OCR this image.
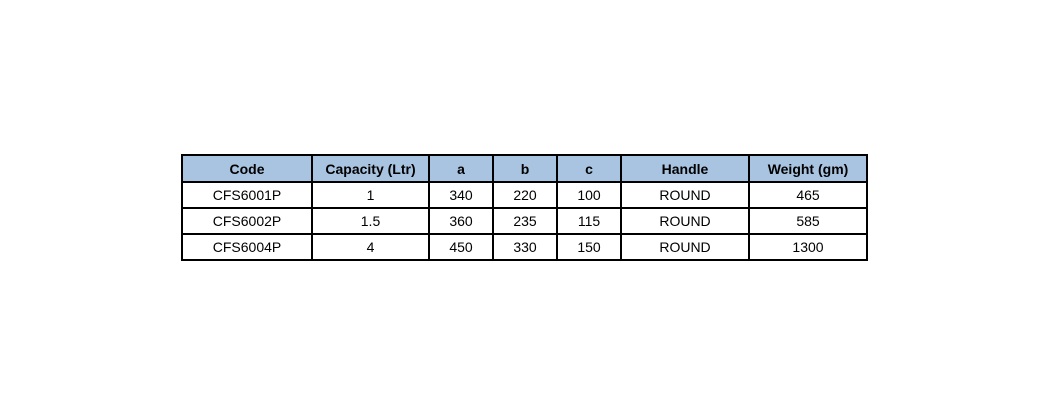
Code	Capacity (Ltr)	a	b	c	Handle	Weight (gm)
CFS6001P	1	340	220	100	ROUND	465
CFS6002P	1.5	360	235	115	ROUND	585
CFS6004P	4	450	330	150	ROUND	1300
